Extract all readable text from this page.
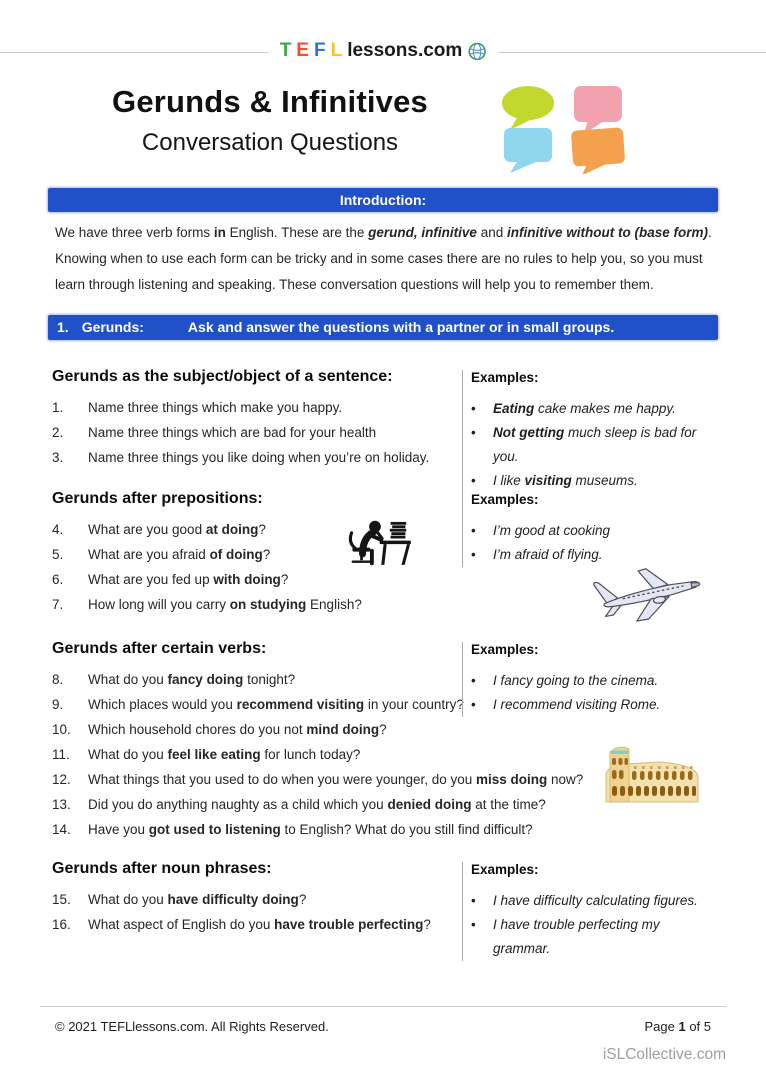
T E F L lessons.com
Gerunds & Infinitives
Conversation Questions
Introduction:
We have three verb forms in English. These are the gerund, infinitive and infinitive without to (base form). Knowing when to use each form can be tricky and in some cases there are no rules to help you, so you must learn through listening and speaking. These conversation questions will help you to remember them.
1. Gerunds:	Ask and answer the questions with a partner or in small groups.
Gerunds as the subject/object of a sentence:
1.	Name three things which make you happy.
2.	Name three things which are bad for your health
3.	Name three things you like doing when you’re on holiday.
Examples:
•	Eating cake makes me happy.
•	Not getting much sleep is bad for you.
•	I like visiting museums.
Gerunds after prepositions:
4.	What are you good at doing?
5.	What are you afraid of doing?
6.	What are you fed up with doing?
7.	How long will you carry on studying English?
Examples:
•	I’m good at cooking
•	I’m afraid of flying.
Gerunds after certain verbs:
8.	What do you fancy doing tonight?
9.	Which places would you recommend visiting in your country?
10.	Which household chores do you not mind doing?
11.	What do you feel like eating for lunch today?
12.	What things that you used to do when you were younger, do you miss doing now?
13.	Did you do anything naughty as a child which you denied doing at the time?
14.	Have you got used to listening to English? What do you still find difficult?
Examples:
•	I fancy going to the cinema.
•	I recommend visiting Rome.
Gerunds after noun phrases:
15.	What do you have difficulty doing?
16.	What aspect of English do you have trouble perfecting?
Examples:
•	I have difficulty calculating figures.
•	I have trouble perfecting my grammar.
© 2021 TEFLlessons.com. All Rights Reserved.	Page 1 of 5
iSLCollective.com
